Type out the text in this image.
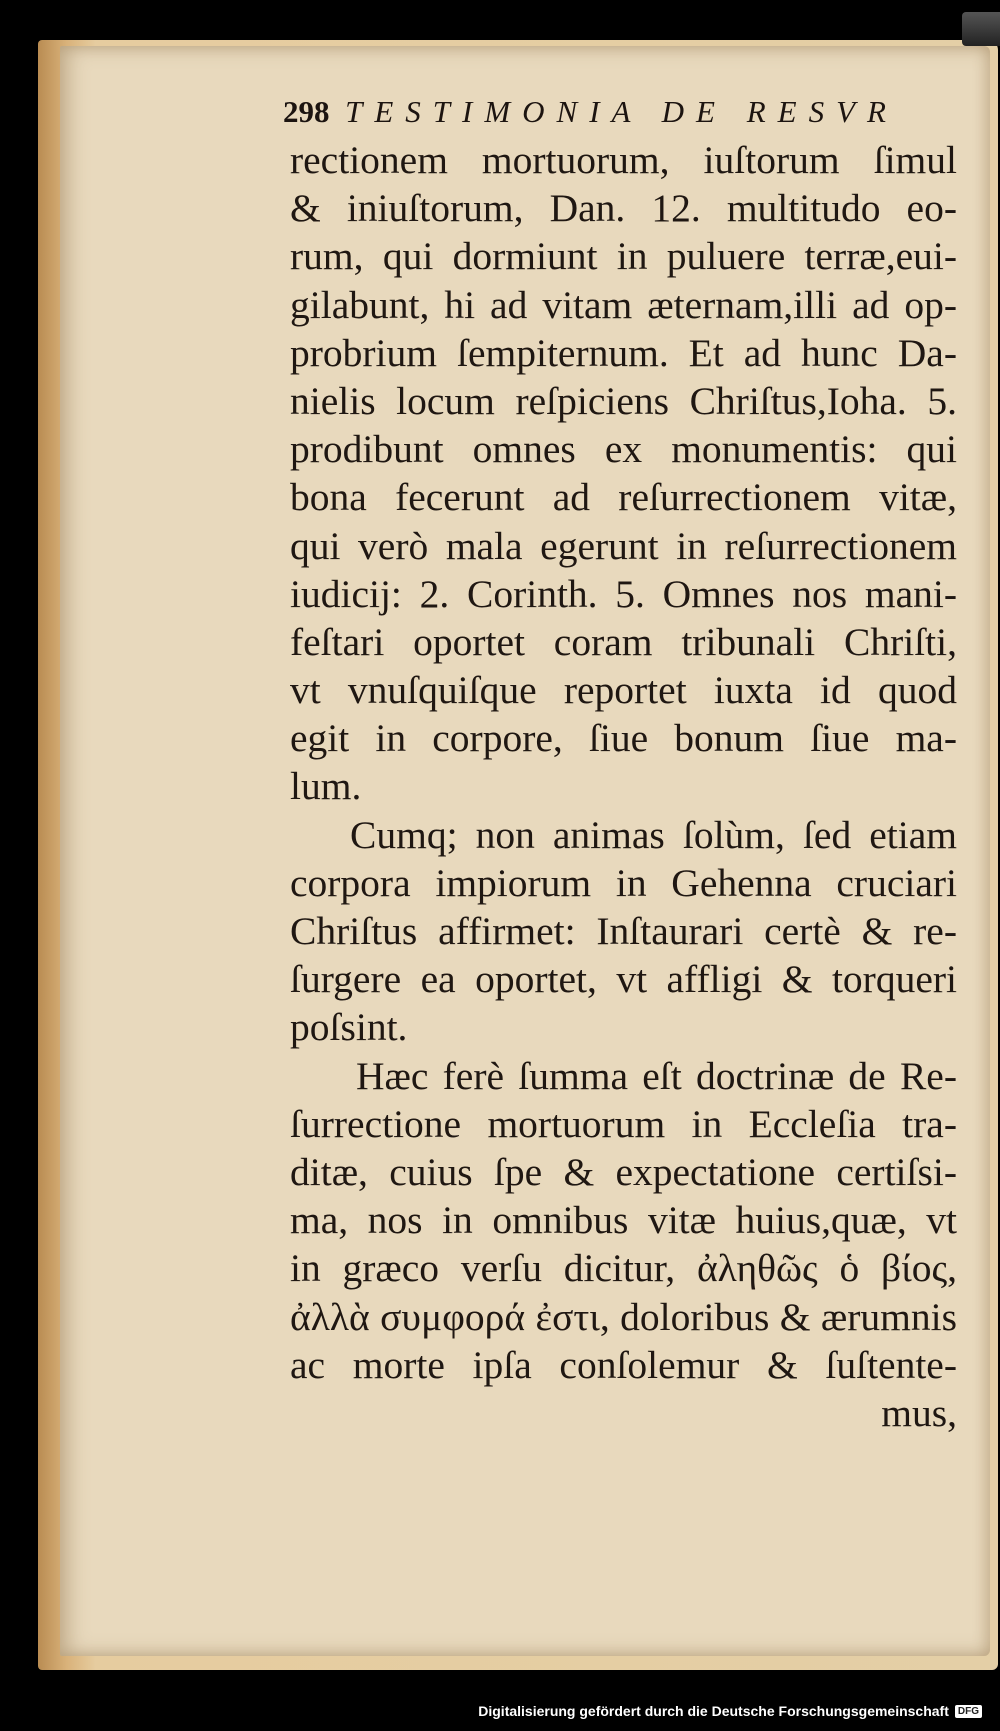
298 TESTIMONIA DE RESVR
rectionem mortuorum, iuſtorum ſimul
& iniuſtorum, Dan. 12. multitudo eo-
rum, qui dormiunt in puluere terræ,eui-
gilabunt, hi ad vitam æternam,illi ad op-
probrium ſempiternum. Et ad hunc Da-
nielis locum reſpiciens Chriſtus,Ioha. 5.
prodibunt omnes ex monumentis: qui
bona fecerunt ad reſurrectionem vitæ,
qui verò mala egerunt in reſurrectionem
iudicij: 2. Corinth. 5. Omnes nos mani-
feſtari oportet coram tribunali Chriſti,
vt vnuſquiſque reportet iuxta id quod
egit in corpore, ſiue bonum ſiue ma-
lum.
Cumq; non animas ſolùm, ſed etiam
corpora impiorum in Gehenna cruciari
Chriſtus affirmet: Inſtaurari certè & re-
ſurgere ea oportet, vt affligi & torqueri
poſsint.
Hæc ferè ſumma eſt doctrinæ de Re-
ſurrectione mortuorum in Eccleſia tra-
ditæ, cuius ſpe & expectatione certiſsi-
ma, nos in omnibus vitæ huius,quæ, vt
in græco verſu dicitur, ἀληθῶς ὁ βίος,
ἀλλὰ συμφορά ἐστι, doloribus & ærumnis
ac morte ipſa conſolemur & ſuſtente-
mus,
Digitalisierung gefördert durch die Deutsche Forschungsgemeinschaft DFG
